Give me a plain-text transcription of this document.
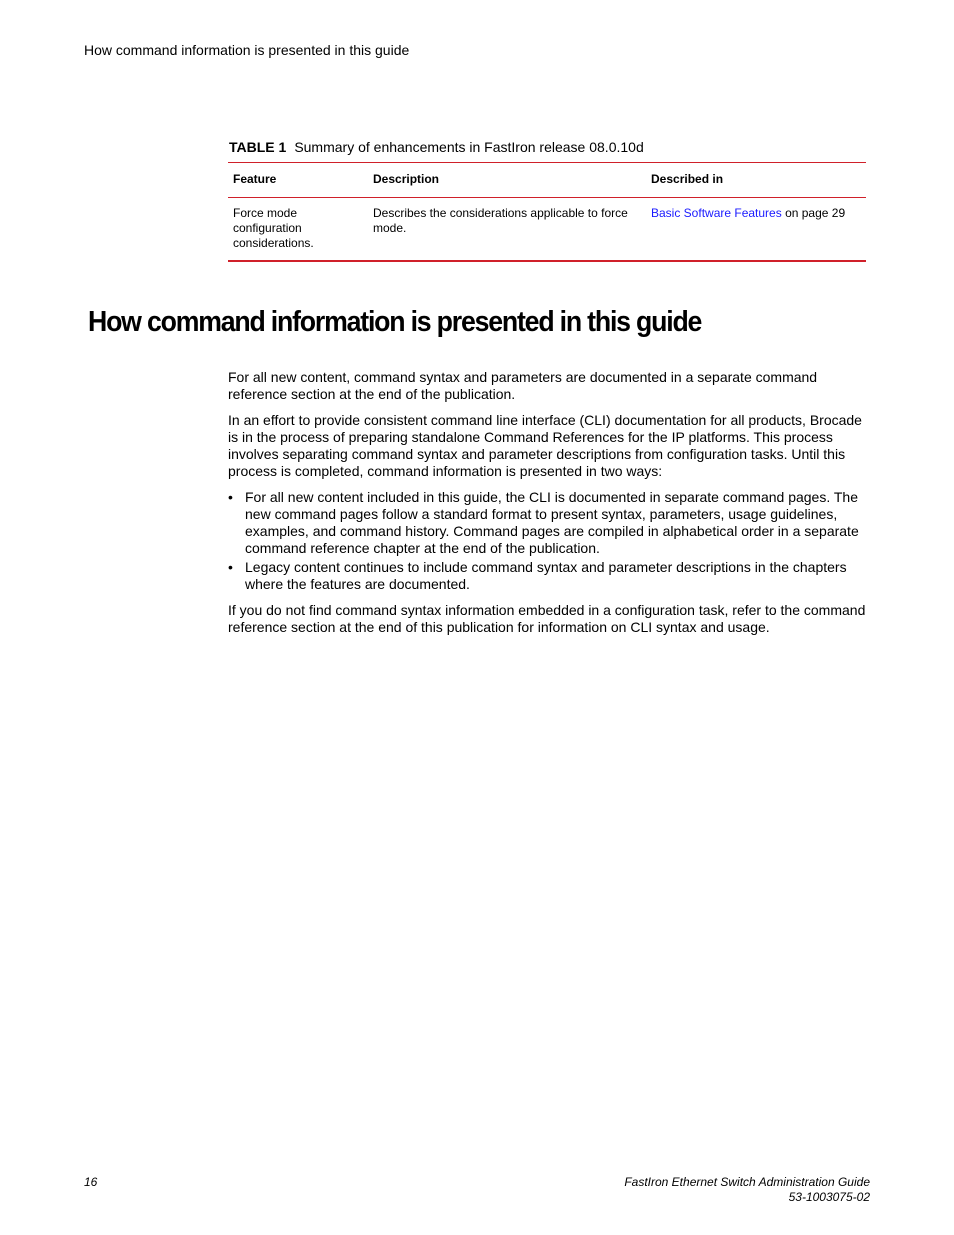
How command information is presented in this guide
TABLE 1 Summary of enhancements in FastIron release 08.0.10d
Feature	Description	Described in
Force mode configuration considerations.	Describes the considerations applicable to force mode.	Basic Software Features on page 29
How command information is presented in this guide

For all new content, command syntax and parameters are documented in a separate command reference section at the end of the publication.

In an effort to provide consistent command line interface (CLI) documentation for all products, Brocade is in the process of preparing standalone Command References for the IP platforms. This process involves separating command syntax and parameter descriptions from configuration tasks. Until this process is completed, command information is presented in two ways:

• For all new content included in this guide, the CLI is documented in separate command pages. The new command pages follow a standard format to present syntax, parameters, usage guidelines, examples, and command history. Command pages are compiled in alphabetical order in a separate command reference chapter at the end of the publication.
• Legacy content continues to include command syntax and parameter descriptions in the chapters where the features are documented.

If you do not find command syntax information embedded in a configuration task, refer to the command reference section at the end of this publication for information on CLI syntax and usage.

16	FastIron Ethernet Switch Administration Guide
53-1003075-02
